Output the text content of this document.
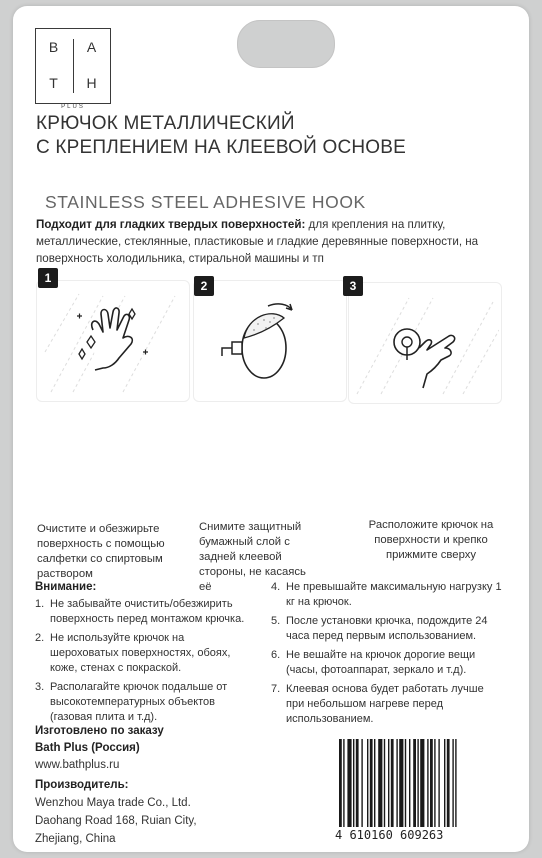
B	A
T	H
PLUS
КРЮЧОК МЕТАЛЛИЧЕСКИЙ
С КРЕПЛЕНИЕМ НА КЛЕЕВОЙ ОСНОВЕ
STAINLESS STEEL ADHESIVE HOOK
Подходит для гладких твердых поверхностей: для крепления на плитку, металлические, стеклянные, пластиковые и гладкие деревянные поверхности, на поверхность холодильника, стиральной машины и тп
1
Очистите и обезжирьте поверхность с помощью салфетки со спиртовым раствором
2
Снимите защитный бумажный слой с задней клеевой стороны, не касаясь её
3
Расположите крючок на поверхности и крепко прижмите сверху
Внимание:
1. Не забывайте очистить/обезжирить поверхность перед монтажом крючка.
2. Не используйте крючок на шероховатых поверхностях, обоях, коже, стенах с покраской.
3. Располагайте крючок подальше от высокотемпературных объектов (газовая плита и т.д).
4. Не превышайте максимальную нагрузку 1 кг на крючок.
5. После установки крючка, подождите 24 часа перед первым использованием.
6. Не вешайте на крючок дорогие вещи (часы, фотоаппарат, зеркало и т.д).
7. Клеевая основа будет работать лучше при небольшом нагреве перед использованием.
Изготовлено по заказу
Bath Plus (Россия)
www.bathplus.ru
Производитель:
Wenzhou Maya trade Co., Ltd.
Daohang Road 168, Ruian City,
Zhejiang, China	4 610160 609263
